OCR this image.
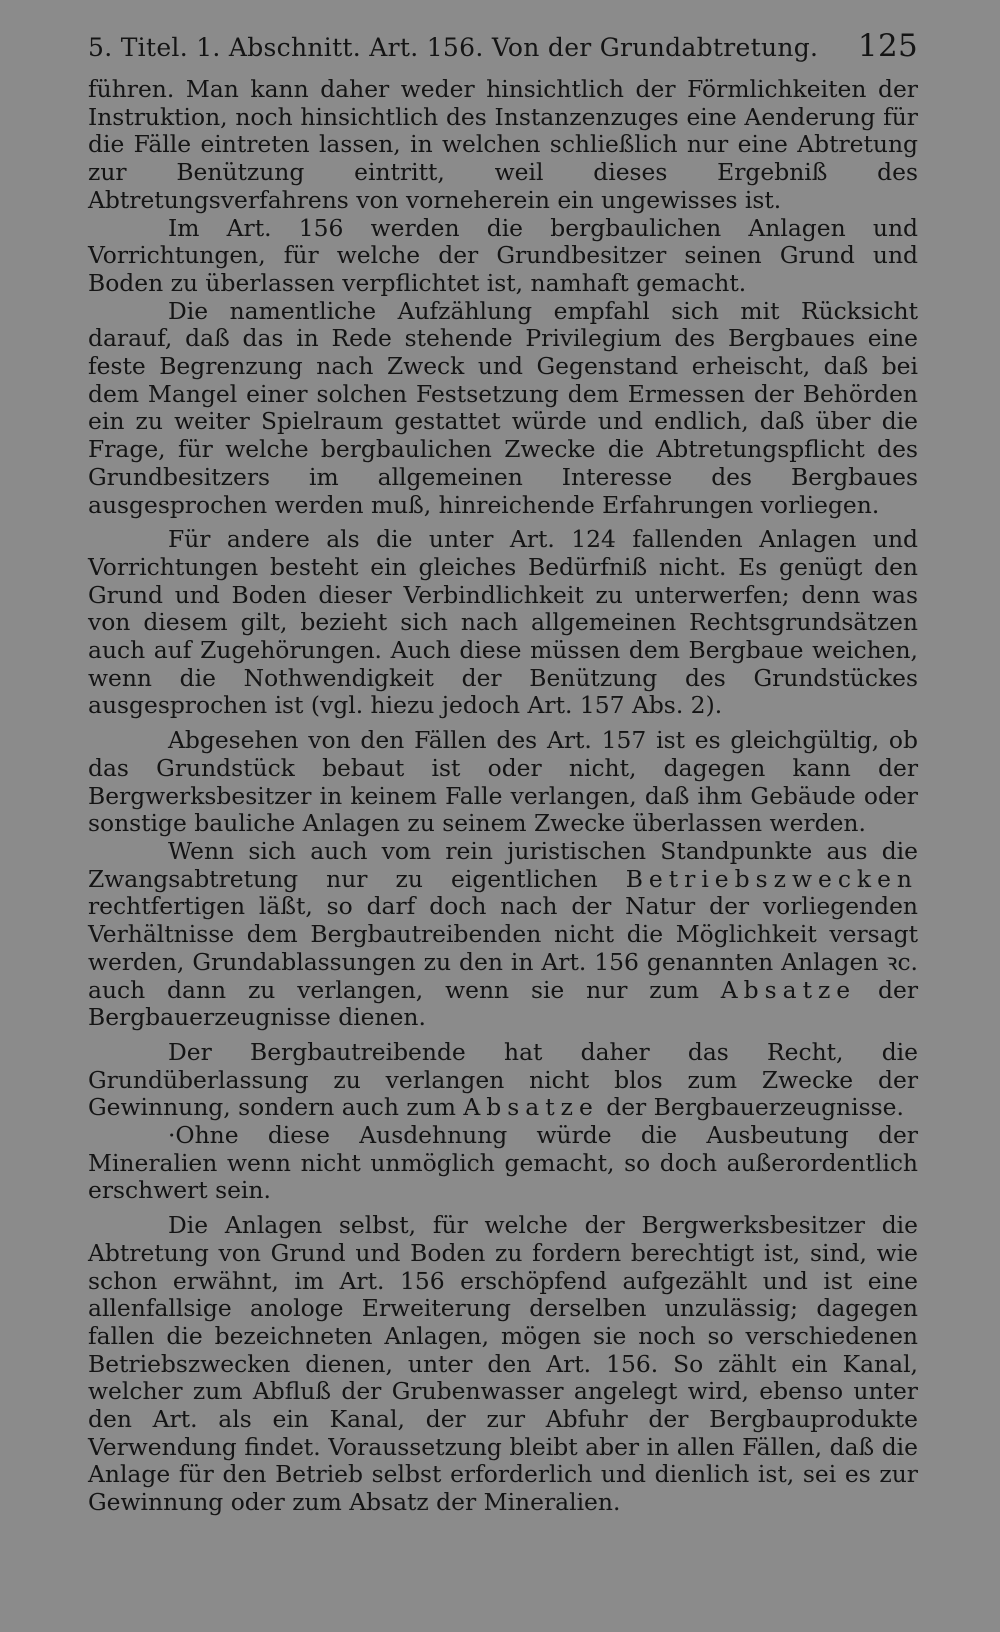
5. Titel. 1. Abschnitt. Art. 156. Von der Grundabtretung. 125

führen. Man kann daher weder hinsichtlich der Förmlichkeiten der Instruktion, noch hinsichtlich des Instanzenzuges eine Aenderung für die Fälle eintreten lassen, in welchen schließlich nur eine Abtretung zur Benützung eintritt, weil dieses Ergebniß des Abtretungsverfahrens von vorneherein ein ungewisses ist.

Im Art. 156 werden die bergbaulichen Anlagen und Vorrichtungen, für welche der Grundbesitzer seinen Grund und Boden zu überlassen verpflichtet ist, namhaft gemacht.

Die namentliche Aufzählung empfahl sich mit Rücksicht darauf, daß das in Rede stehende Privilegium des Bergbaues eine feste Begrenzung nach Zweck und Gegenstand erheischt, daß bei dem Mangel einer solchen Festsetzung dem Ermessen der Behörden ein zu weiter Spielraum gestattet würde und endlich, daß über die Frage, für welche bergbaulichen Zwecke die Abtretungspflicht des Grundbesitzers im allgemeinen Interesse des Bergbaues ausgesprochen werden muß, hinreichende Erfahrungen vorliegen.

Für andere als die unter Art. 124 fallenden Anlagen und Vorrichtungen besteht ein gleiches Bedürfniß nicht. Es genügt den Grund und Boden dieser Verbindlichkeit zu unterwerfen; denn was von diesem gilt, bezieht sich nach allgemeinen Rechtsgrundsätzen auch auf Zugehörungen. Auch diese müssen dem Bergbaue weichen, wenn die Nothwendigkeit der Benützung des Grundstückes ausgesprochen ist (vgl. hiezu jedoch Art. 157 Abs. 2).

Abgesehen von den Fällen des Art. 157 ist es gleichgültig, ob das Grundstück bebaut ist oder nicht, dagegen kann der Bergwerksbesitzer in keinem Falle verlangen, daß ihm Gebäude oder sonstige bauliche Anlagen zu seinem Zwecke überlassen werden.

Wenn sich auch vom rein juristischen Standpunkte aus die Zwangsabtretung nur zu eigentlichen Betriebszwecken rechtfertigen läßt, so darf doch nach der Natur der vorliegenden Verhältnisse dem Bergbautreibenden nicht die Möglichkeit versagt werden, Grundablassungen zu den in Art. 156 genannten Anlagen ꝛc. auch dann zu verlangen, wenn sie nur zum Absatze der Bergbauerzeugnisse dienen.

Der Bergbautreibende hat daher das Recht, die Grundüberlassung zu verlangen nicht blos zum Zwecke der Gewinnung, sondern auch zum Absatze der Bergbauerzeugnisse.

·Ohne diese Ausdehnung würde die Ausbeutung der Mineralien wenn nicht unmöglich gemacht, so doch außerordentlich erschwert sein.

Die Anlagen selbst, für welche der Bergwerksbesitzer die Abtretung von Grund und Boden zu fordern berechtigt ist, sind, wie schon erwähnt, im Art. 156 erschöpfend aufgezählt und ist eine allenfallsige anologe Erweiterung derselben unzulässig; dagegen fallen die bezeichneten Anlagen, mögen sie noch so verschiedenen Betriebszwecken dienen, unter den Art. 156. So zählt ein Kanal, welcher zum Abfluß der Grubenwasser angelegt wird, ebenso unter den Art. als ein Kanal, der zur Abfuhr der Bergbauprodukte Verwendung findet. Voraussetzung bleibt aber in allen Fällen, daß die Anlage für den Betrieb selbst erforderlich und dienlich ist, sei es zur Gewinnung oder zum Absatz der Mineralien.
